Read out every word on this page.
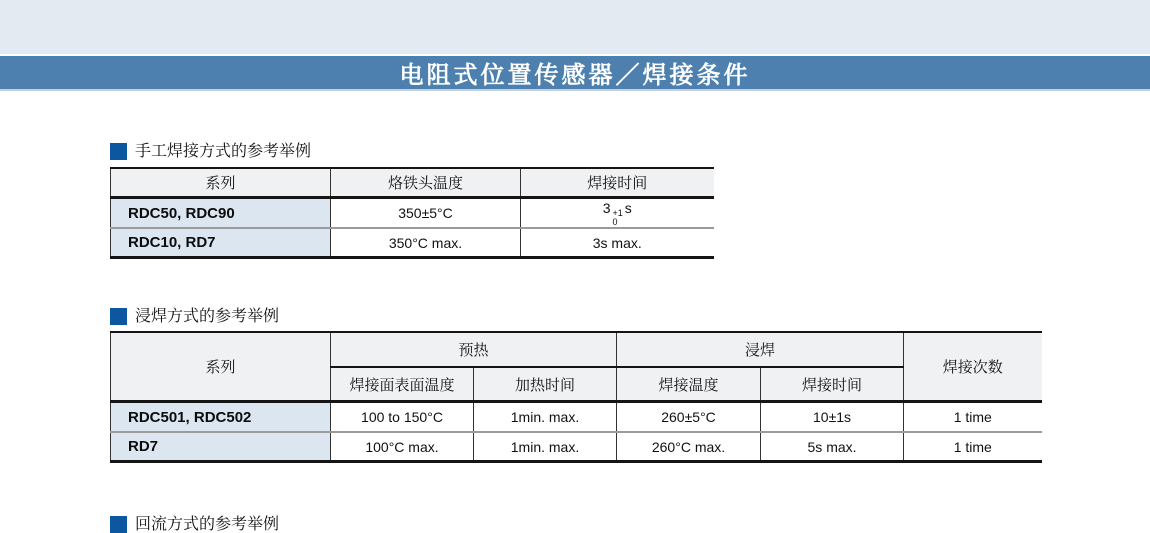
电阻式位置传感器／焊接条件
手工焊接方式的参考举例
系列	烙铁头温度	焊接时间
RDC50, RDC90	350±5°C	3 +1
0
s
RDC10, RD7	350°C max.	3s max.
浸焊方式的参考举例
系列	预热		浸焊		焊接次数
	焊接面表面温度	加热时间	焊接温度	焊接时间	
RDC501, RDC502	100 to 150°C	1min. max.	260±5°C	10±1s	1 time
RD7	100°C max.	1min. max.	260°C max.	5s max.	1 time
回流方式的参考举例
